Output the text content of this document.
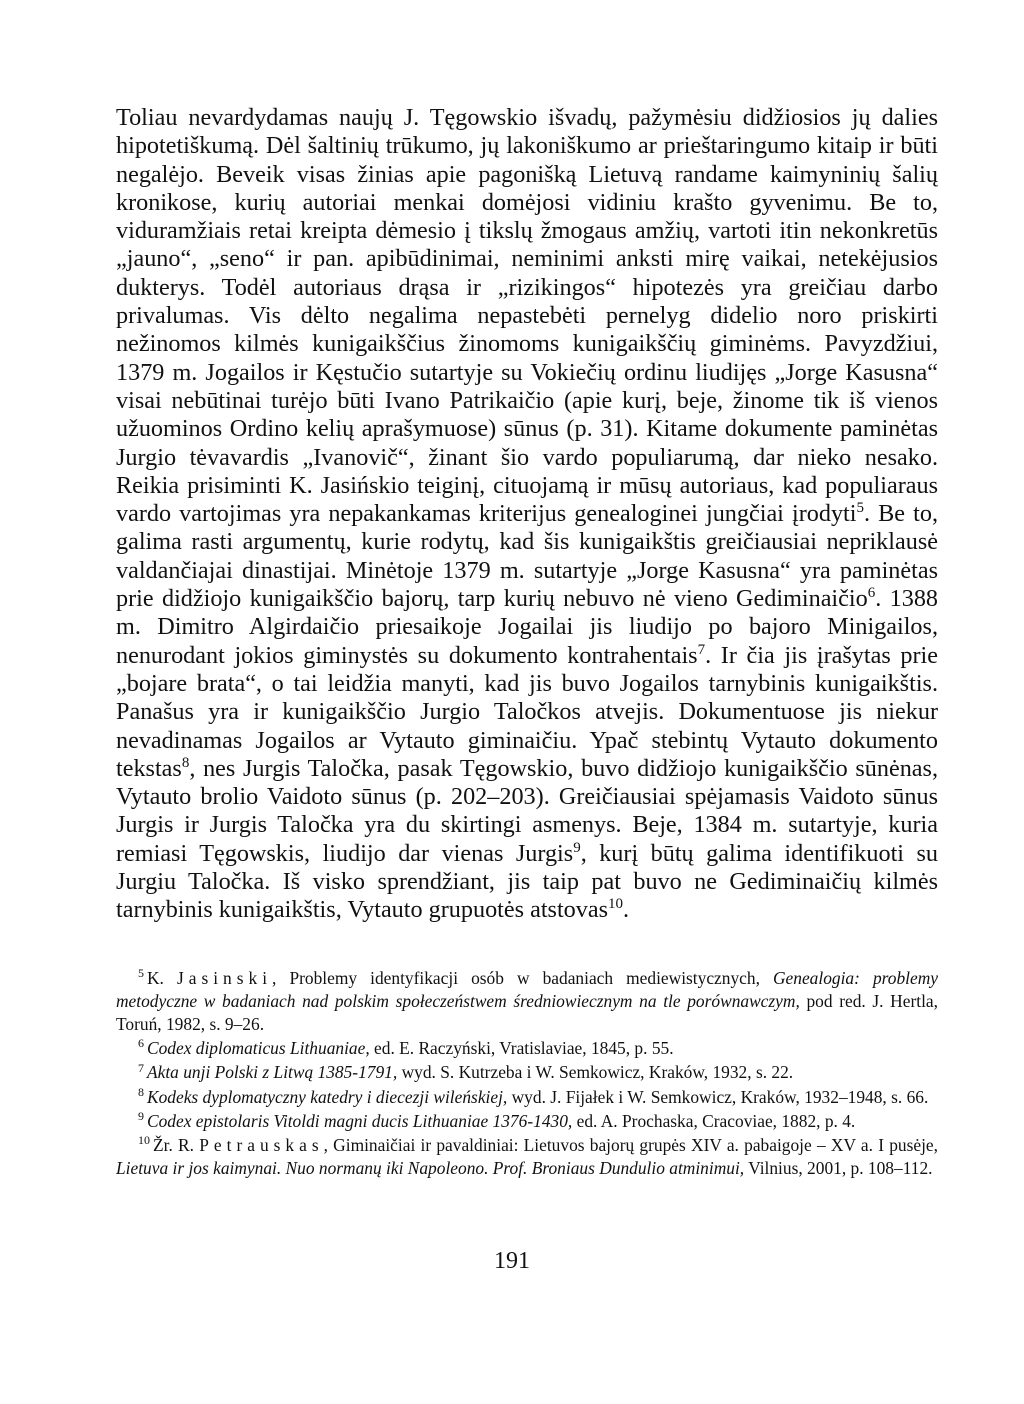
Toliau nevardydamas naujų J. Tęgowskio išvadų, pažymėsiu didžiosios jų dalies hipotetiškumą. Dėl šaltinių trūkumo, jų lakoniškumo ar prieštaringumo kitaip ir būti negalėjo. Beveik visas žinias apie pagonišką Lietuvą randame kaimyninių šalių kronikose, kurių autoriai menkai domėjosi vidiniu krašto gyvenimu. Be to, viduramžiais retai kreipta dėmesio į tikslų žmogaus amžių, vartoti itin nekonkretūs „jauno“, „seno“ ir pan. apibūdinimai, neminimi anksti mirę vaikai, netekėjusios dukterys. Todėl autoriaus drąsa ir „rizikingos“ hipotezės yra greičiau darbo privalumas. Vis dėlto negalima nepastebėti pernelyg didelio noro priskirti nežinomos kilmės kunigaikščius žinomoms kunigaikščių giminėms. Pavyzdžiui, 1379 m. Jogailos ir Kęstučio sutartyje su Vokiečių ordinu liudijęs „Jorge Kasusna“ visai nebūtinai turėjo būti Ivano Patrikaičio (apie kurį, beje, žinome tik iš vienos užuominos Ordino kelių aprašymuose) sūnus (p. 31). Kitame dokumente paminėtas Jurgio tėvavardis „Ivanovič“, žinant šio vardo populiarumą, dar nieko nesako. Reikia prisiminti K. Jasińskio teiginį, cituojamą ir mūsų autoriaus, kad populiaraus vardo vartojimas yra nepakankamas kriterijus genealoginei jungčiai įrodyti$^5$. Be to, galima rasti argumentų, kurie rodytų, kad šis kunigaikštis greičiausiai nepriklausė valdančiajai dinastijai. Minėtoje 1379 m. sutartyje „Jorge Kasusna“ yra paminėtas prie didžiojo kunigaikščio bajorų, tarp kurių nebuvo nė vieno Gediminaičio$^6$. 1388 m. Dimitro Algirdaičio priesaikoje Jogailai jis liudijo po bajoro Minigailos, nenurodant jokios giminystės su dokumento kontrahentais$^7$. Ir čia jis įrašytas prie „bojare brata“, o tai leidžia manyti, kad jis buvo Jogailos tarnybinis kunigaikštis. Panašus yra ir kunigaikščio Jurgio Taločkos atvejis. Dokumentuose jis niekur nevadinamas Jogailos ar Vytauto giminaičiu. Ypač stebintų Vytauto dokumento tekstas$^8$, nes Jurgis Taločka, pasak Tęgowskio, buvo didžiojo kunigaikščio sūnėnas, Vytauto brolio Vaidoto sūnus (p. 202–203). Greičiausiai spėjamasis Vaidoto sūnus Jurgis ir Jurgis Taločka yra du skirtingi asmenys. Beje, 1384 m. sutartyje, kuria remiasi Tęgowskis, liudijo dar vienas Jurgis$^9$, kurį būtų galima identifikuoti su Jurgiu Taločka. Iš visko sprendžiant, jis taip pat buvo ne Gediminaičių kilmės tarnybinis kunigaikštis, Vytauto grupuotės atstovas$^{10}$.

$^5$ K. Jasinski, Problemy identyfikacji osób w badaniach mediewistycznych, Genealogia: problemy metodyczne w badaniach nad polskim społeczeństwem średniowiecznym na tle porównawczym, pod red. J. Hertla, Toruń, 1982, s. 9–26.

$^6$ Codex diplomaticus Lithuaniae, ed. E. Raczyński, Vratislaviae, 1845, p. 55.

$^7$ Akta unji Polski z Litwą 1385-1791, wyd. S. Kutrzeba i W. Semkowicz, Kraków, 1932, s. 22.

$^8$ Kodeks dyplomatyczny katedry i diecezji wileńskiej, wyd. J. Fijałek i W. Semkowicz, Kraków, 1932–1948, s. 66.

$^9$ Codex epistolaris Vitoldi magni ducis Lithuaniae 1376-1430, ed. A. Prochaska, Cracoviae, 1882, p. 4.

$^{10}$ Žr. R. Petrauskas, Giminaičiai ir pavaldiniai: Lietuvos bajorų grupės XIV a. pabaigoje – XV a. I pusėje, Lietuva ir jos kaimynai. Nuo normanų iki Napoleono. Prof. Broniaus Dundulio atminimui, Vilnius, 2001, p. 108–112.

191
